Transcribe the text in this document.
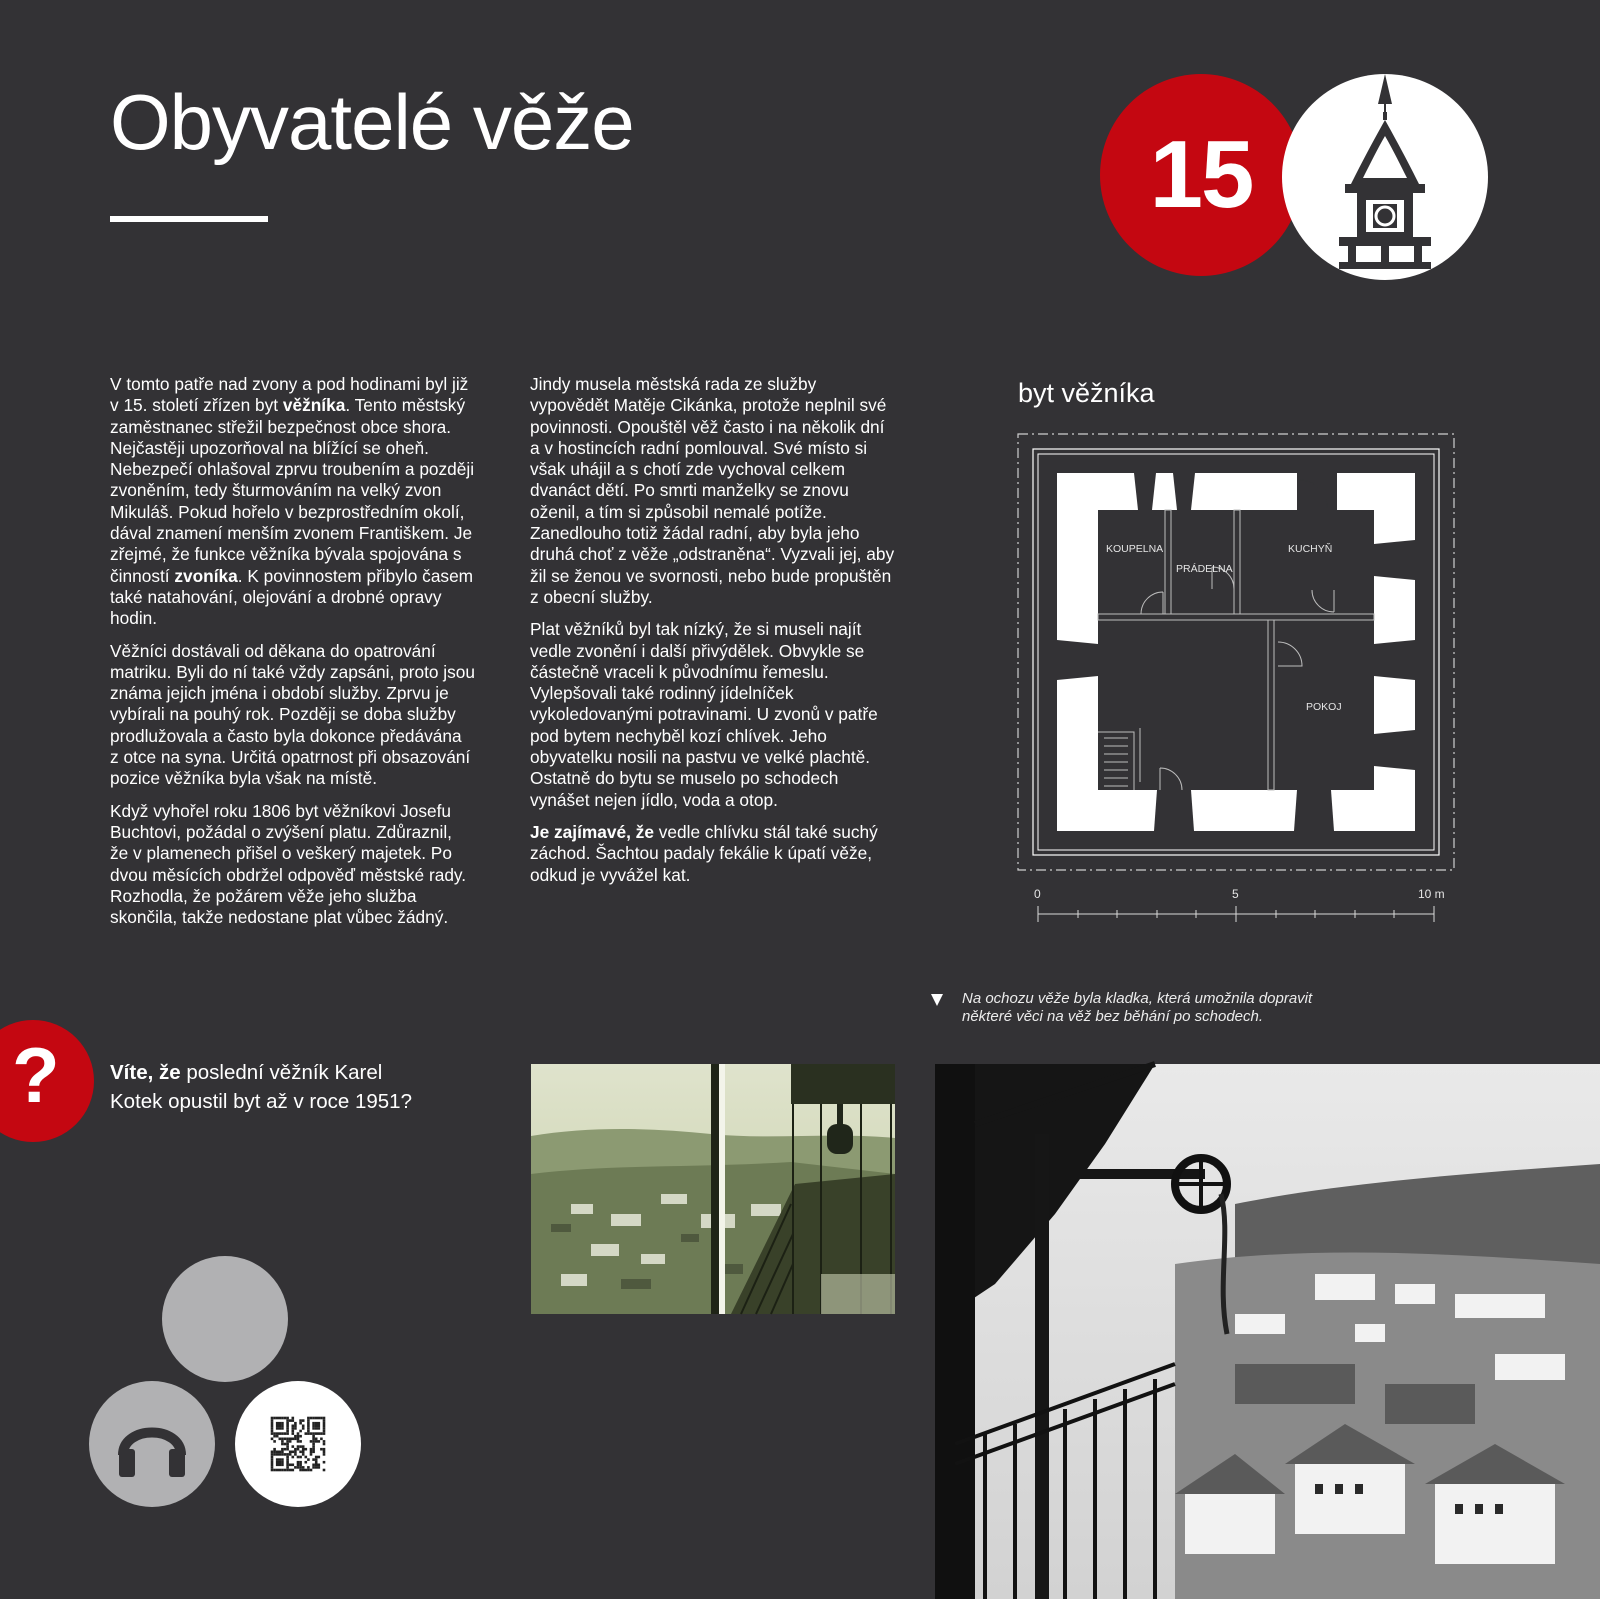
Obyvatelé věže	15

V tomto patře nad zvony a pod hodinami byl již v 15. století zřízen byt věžníka. Tento městský zaměstnanec střežil bezpečnost obce shora. Nejčastěji upozorňoval na blížící se oheň. Nebezpečí ohlašoval zprvu troubením a později zvoněním, tedy šturmováním na velký zvon Mikuláš. Pokud hořelo v bezprostředním okolí, dával znamení menším zvonem Františkem. Je zřejmé, že funkce věžníka bývala spojována s činností zvoníka. K povinnostem přibylo časem také natahování, olejování a drobné opravy hodin.

Věžníci dostávali od děkana do opatrování matriku. Byli do ní také vždy zapsáni, proto jsou známa jejich jména i období služby. Zprvu je vybírali na pouhý rok. Později se doba služby prodlužovala a často byla dokonce předávána z otce na syna. Určitá opatrnost při obsazování pozice věžníka byla však na místě.

Když vyhořel roku 1806 byt věžníkovi Josefu Buchtovi, požádal o zvýšení platu. Zdůraznil, že v plamenech přišel o veškerý majetek. Po dvou měsících obdržel odpověď městské rady. Rozhodla, že požárem věže jeho služba skončila, takže nedostane plat vůbec žádný.

Jindy musela městská rada ze služby vypovědět Matěje Cikánka, protože neplnil své povinnosti. Opouštěl věž často i na několik dní a v hostincích radní pomlouval. Své místo si však uhájil a s chotí zde vychoval celkem dvanáct dětí. Po smrti manželky se znovu oženil, a tím si způsobil nemalé potíže. Zanedlouho totiž žádal radní, aby byla jeho druhá choť z věže „odstraněna“. Vyzvali jej, aby žil se ženou ve svornosti, nebo bude propuštěn z obecní služby.

Plat věžníků byl tak nízký, že si museli najít vedle zvonění i další přivýdělek. Obvykle se částečně vraceli k původnímu řemeslu. Vylepšovali také rodinný jídelníček vykoledovanými potravinami. U zvonů v patře pod bytem nechyběl kozí chlívek. Jeho obyvatelku nosili na pastvu ve velké plachtě. Ostatně do bytu se muselo po schodech vynášet nejen jídlo, voda a otop.

Je zajímavé, že vedle chlívku stál také suchý záchod. Šachtou padaly fekálie k úpatí věže, odkud je vyvážel kat.

byt věžníka
KOUPELNA
PRÁDELNA
KUCHYŇ
POKOJ
0	5	10 m
Na ochozu věže byla kladka, která umožnila dopravit některé věci na věž bez běhání po schodech.
? Víte, že poslední věžník Karel Kotek opustil byt až v roce 1951?
